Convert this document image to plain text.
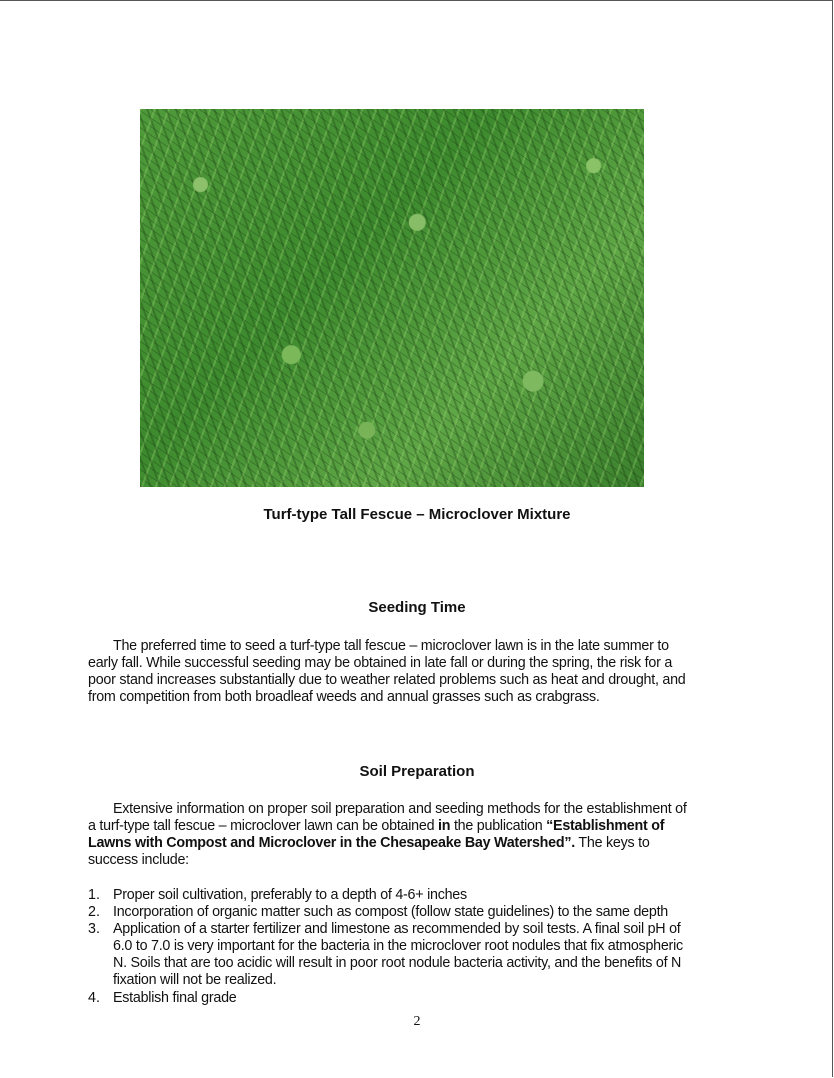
Turf-type Tall Fescue – Microclover Mixture
Seeding Time
The preferred time to seed a turf-type tall fescue – microclover lawn is in the late summer to
early fall. While successful seeding may be obtained in late fall or during the spring, the risk for a
poor stand increases substantially due to weather related problems such as heat and drought, and
from competition from both broadleaf weeds and annual grasses such as crabgrass.
Soil Preparation
Extensive information on proper soil preparation and seeding methods for the establishment of
a turf-type tall fescue – microclover lawn can be obtained in the publication “Establishment of
Lawns with Compost and Microclover in the Chesapeake Bay Watershed”. The keys to
success include:
1. Proper soil cultivation, preferably to a depth of 4-6+ inches
2. Incorporation of organic matter such as compost (follow state guidelines) to the same depth
3. Application of a starter fertilizer and limestone as recommended by soil tests. A final soil pH of
6.0 to 7.0 is very important for the bacteria in the microclover root nodules that fix atmospheric
N. Soils that are too acidic will result in poor root nodule bacteria activity, and the benefits of N
fixation will not be realized.
4. Establish final grade
2
